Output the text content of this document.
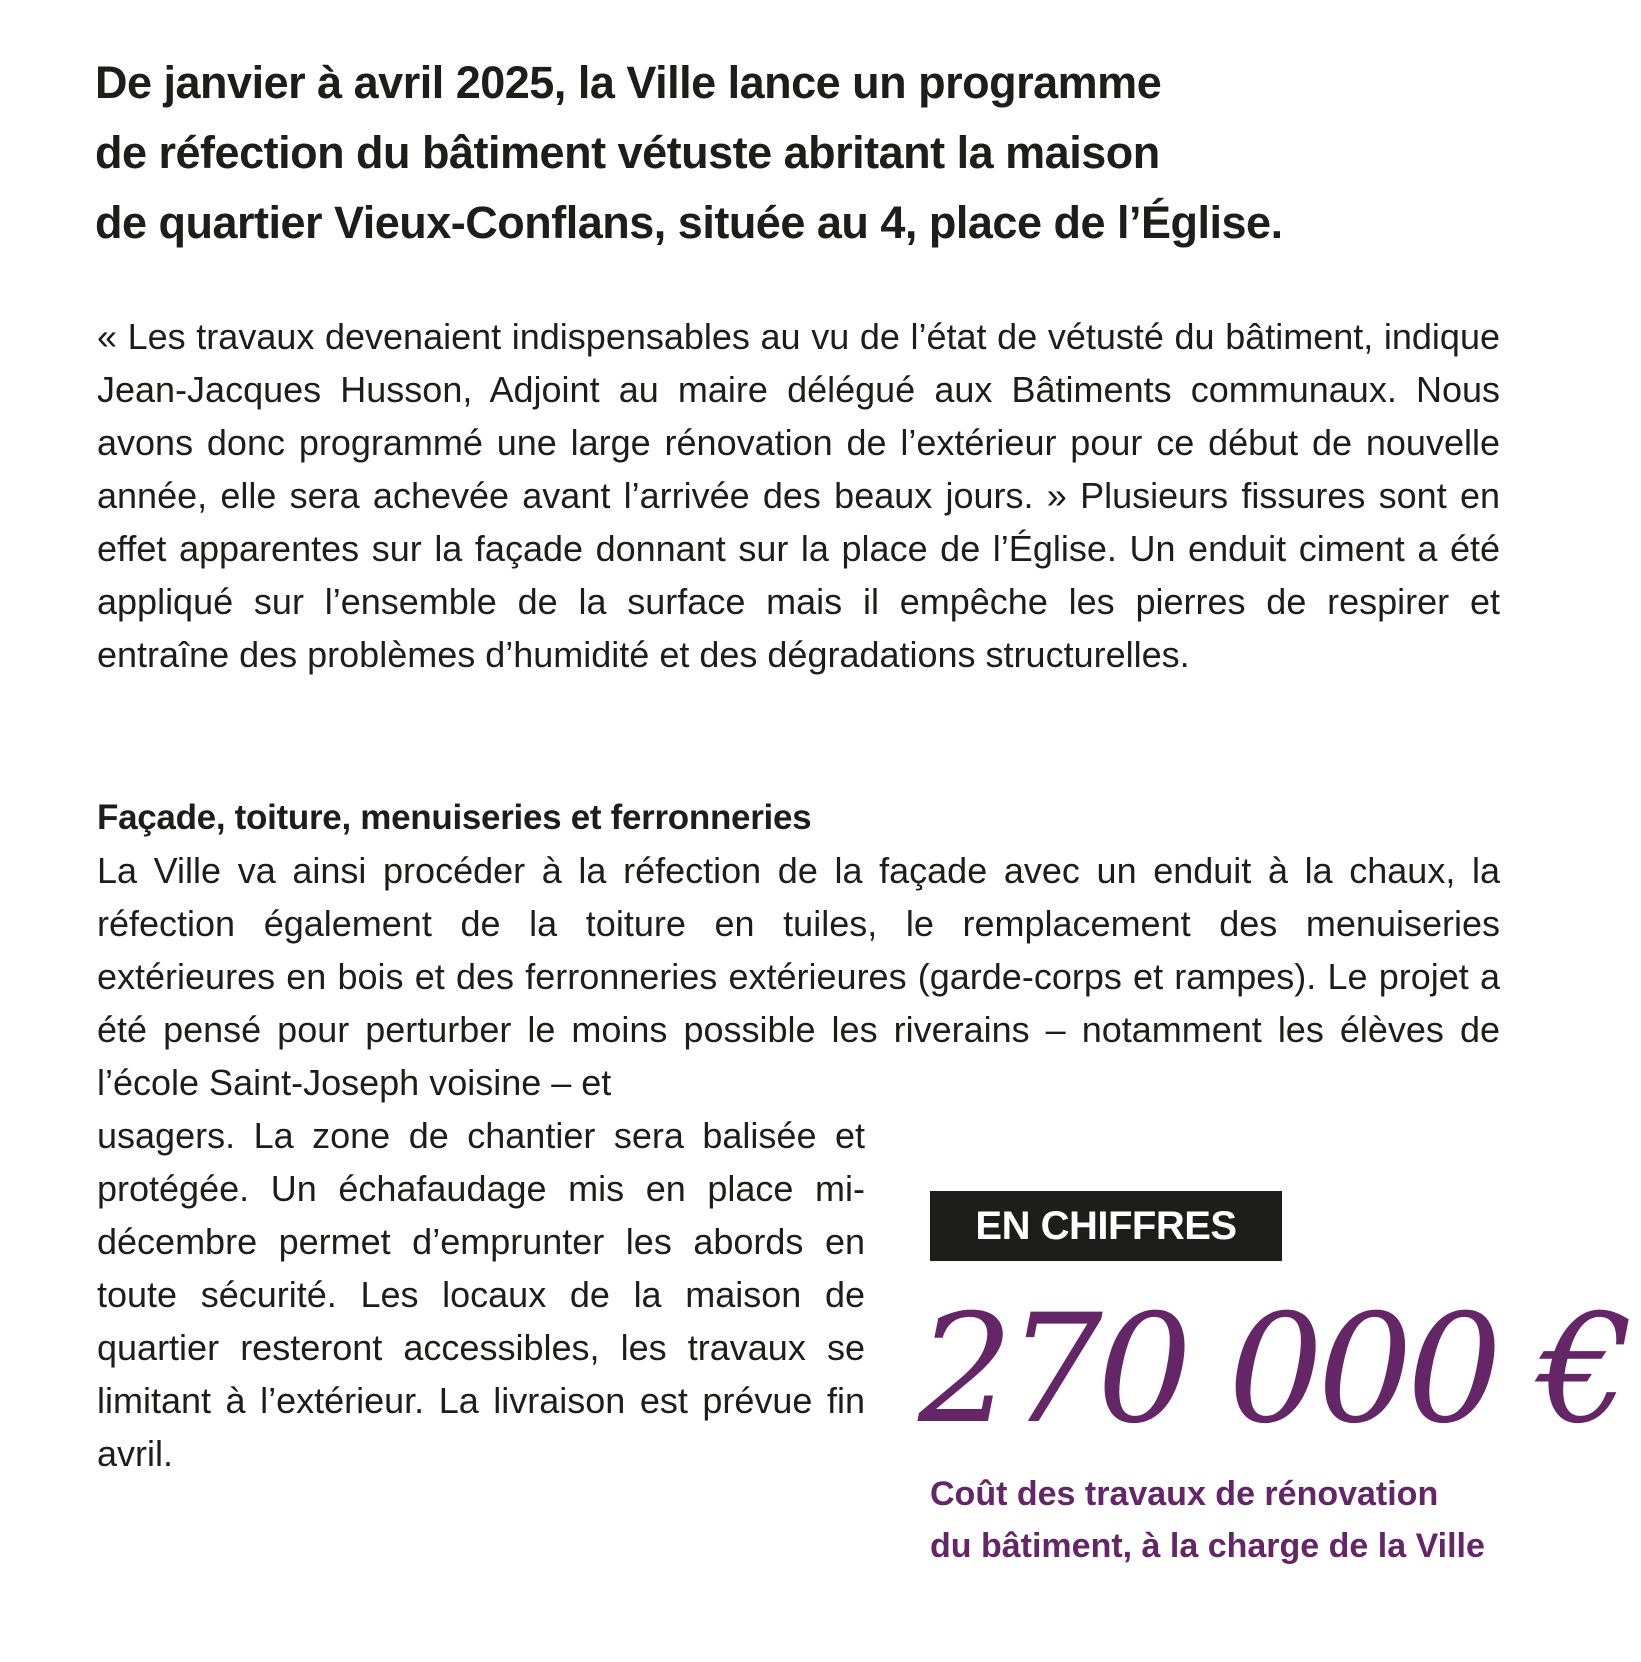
De janvier à avril 2025, la Ville lance un programme
de réfection du bâtiment vétuste abritant la maison
de quartier Vieux-Conflans, située au 4, place de l’Église.

« Les travaux devenaient indispensables au vu de l’état de vétusté du bâtiment, indique Jean-Jacques Husson, Adjoint au maire délégué aux Bâtiments communaux. Nous avons donc programmé une large rénovation de l’extérieur pour ce début de nouvelle année, elle sera achevée avant l’arrivée des beaux jours. » Plusieurs fissures sont en effet apparentes sur la façade donnant sur la place de l’Église. Un enduit ciment a été appliqué sur l’ensemble de la surface mais il empêche les pierres de respirer et entraîne des problèmes d’humidité et des dégradations structurelles.

Façade, toiture, menuiseries et ferronneries

La Ville va ainsi procéder à la réfection de la façade avec un enduit à la chaux, la réfection également de la toiture en tuiles, le remplacement des menuiseries extérieures en bois et des ferronneries extérieures (garde-corps et rampes). Le projet a été pensé pour perturber le moins possible les riverains – notamment les élèves de l’école Saint-Joseph voisine – et

usagers. La zone de chantier sera balisée et protégée. Un échafaudage mis en place mi-décembre permet d’emprunter les abords en toute sécurité. Les locaux de la maison de quartier resteront accessibles, les travaux se limitant à l’extérieur. La livraison est prévue fin avril.

EN CHIFFRES
270 000 €

Coût des travaux de rénovation
du bâtiment, à la charge de la Ville
